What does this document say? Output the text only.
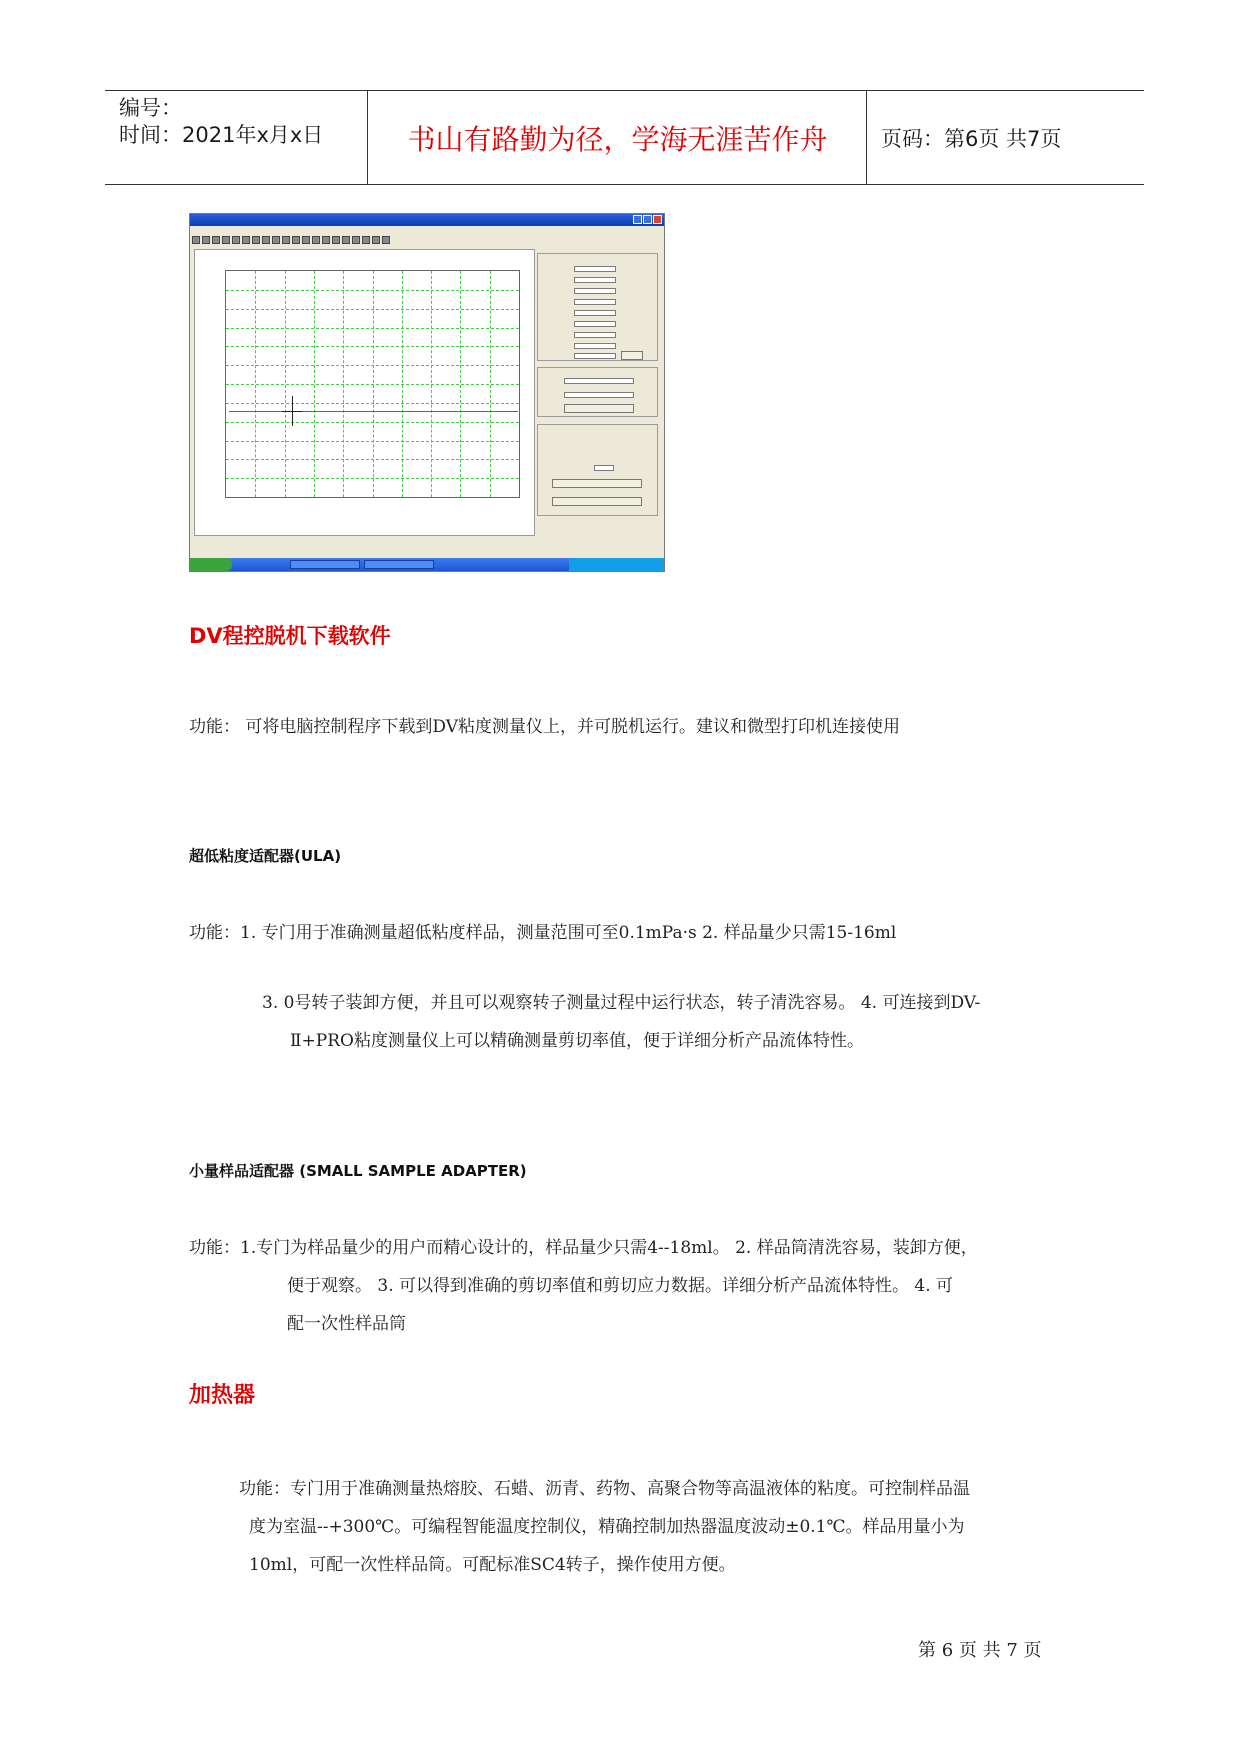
编号：
时间：2021年x月x日	书山有路勤为径，学海无涯苦作舟	页码：第6页 共7页
DV程控脱机下载软件
功能： 可将电脑控制程序下载到DV粘度测量仪上，并可脱机运行。建议和微型打印机连接使用
超低粘度适配器(ULA)
功能：1. 专门用于准确测量超低粘度样品，测量范围可至0.1mPa·s 2. 样品量少只需15-16ml
3. 0号转子装卸方便，并且可以观察转子测量过程中运行状态，转子清洗容易。 4. 可连接到DV-
Ⅱ+PRO粘度测量仪上可以精确测量剪切率值，便于详细分析产品流体特性。
小量样品适配器 (SMALL SAMPLE ADAPTER)
功能：1.专门为样品量少的用户而精心设计的，样品量少只需4--18ml。 2. 样品筒清洗容易，装卸方便，
便于观察。 3. 可以得到准确的剪切率值和剪切应力数据。详细分析产品流体特性。 4. 可
配一次性样品筒
加热器
功能：专门用于准确测量热熔胶、石蜡、沥青、药物、高聚合物等高温液体的粘度。可控制样品温
度为室温--+300℃。可编程智能温度控制仪，精确控制加热器温度波动±0.1℃。样品用量小为
10ml，可配一次性样品筒。可配标准SC4转子，操作使用方便。
第 6 页 共 7 页
